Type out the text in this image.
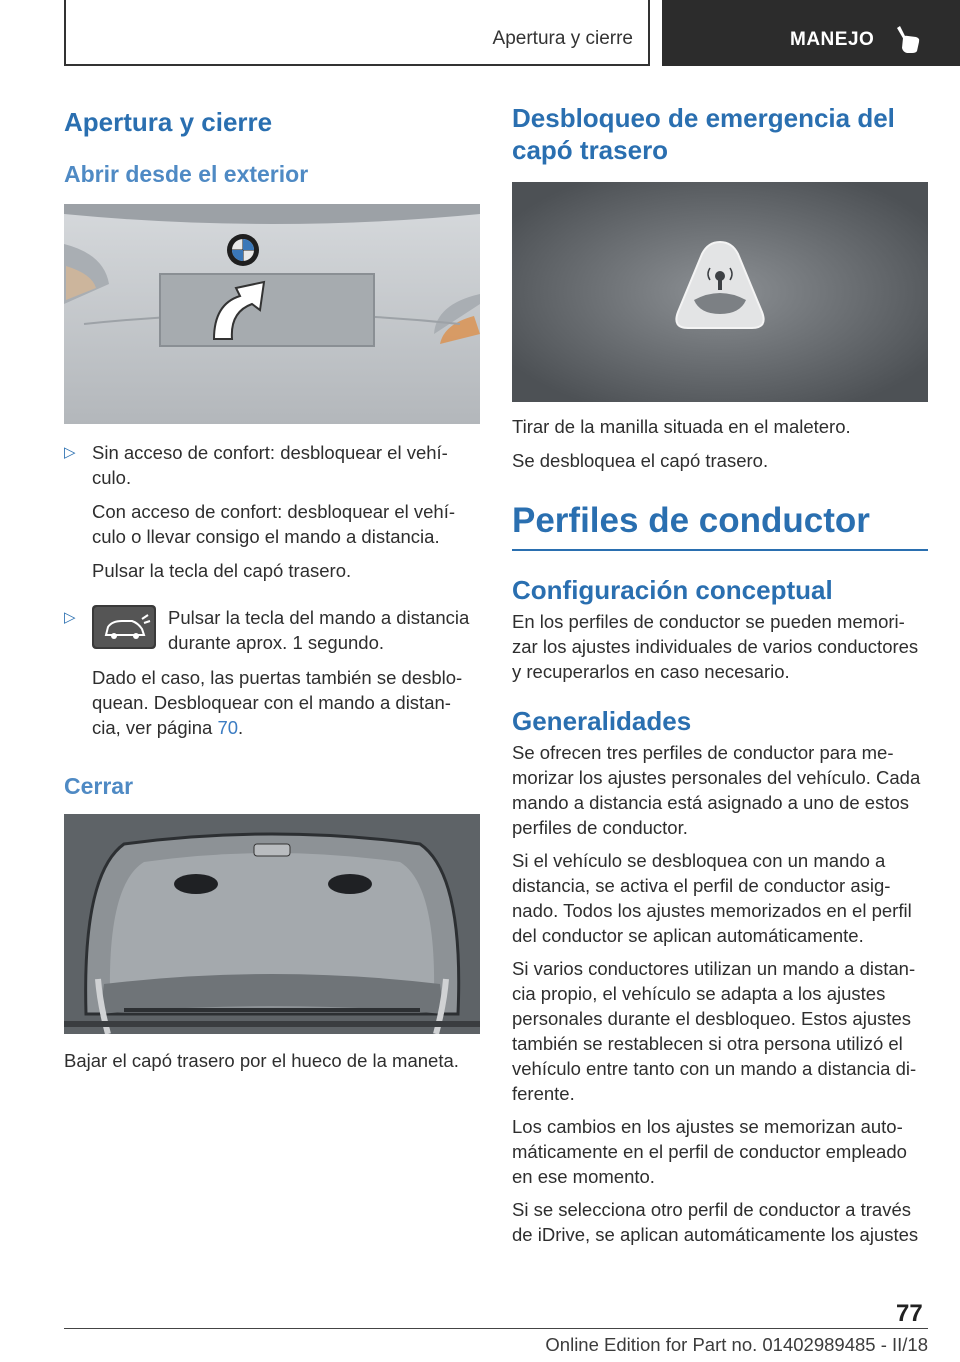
Apertura y cierre	MANEJO
Apertura y cierre
Abrir desde el exterior
▷ Sin acceso de confort: desbloquear el vehí-
culo.
Con acceso de confort: desbloquear el vehí-
culo o llevar consigo el mando a distancia.
Pulsar la tecla del capó trasero.
▷	Pulsar la tecla del mando a distancia
durante aprox. 1 segundo.
Dado el caso, las puertas también se desblo-
quean. Desbloquear con el mando a distan-
cia, ver página 70.
Cerrar
Bajar el capó trasero por el hueco de la maneta.
Desbloqueo de emergencia del
capó trasero
Tirar de la manilla situada en el maletero.
Se desbloquea el capó trasero.
Perfiles de conductor
Configuración conceptual
En los perfiles de conductor se pueden memori-
zar los ajustes individuales de varios conductores
y recuperarlos en caso necesario.
Generalidades
Se ofrecen tres perfiles de conductor para me-
morizar los ajustes personales del vehículo. Cada
mando a distancia está asignado a uno de estos
perfiles de conductor.
Si el vehículo se desbloquea con un mando a
distancia, se activa el perfil de conductor asig-
nado. Todos los ajustes memorizados en el perfil
del conductor se aplican automáticamente.
Si varios conductores utilizan un mando a distan-
cia propio, el vehículo se adapta a los ajustes
personales durante el desbloqueo. Estos ajustes
también se restablecen si otra persona utilizó el
vehículo entre tanto con un mando a distancia di-
ferente.
Los cambios en los ajustes se memorizan auto-
máticamente en el perfil de conductor empleado
en ese momento.
Si se selecciona otro perfil de conductor a través
de iDrive, se aplican automáticamente los ajustes
77
Online Edition for Part no. 01402989485 - II/18
